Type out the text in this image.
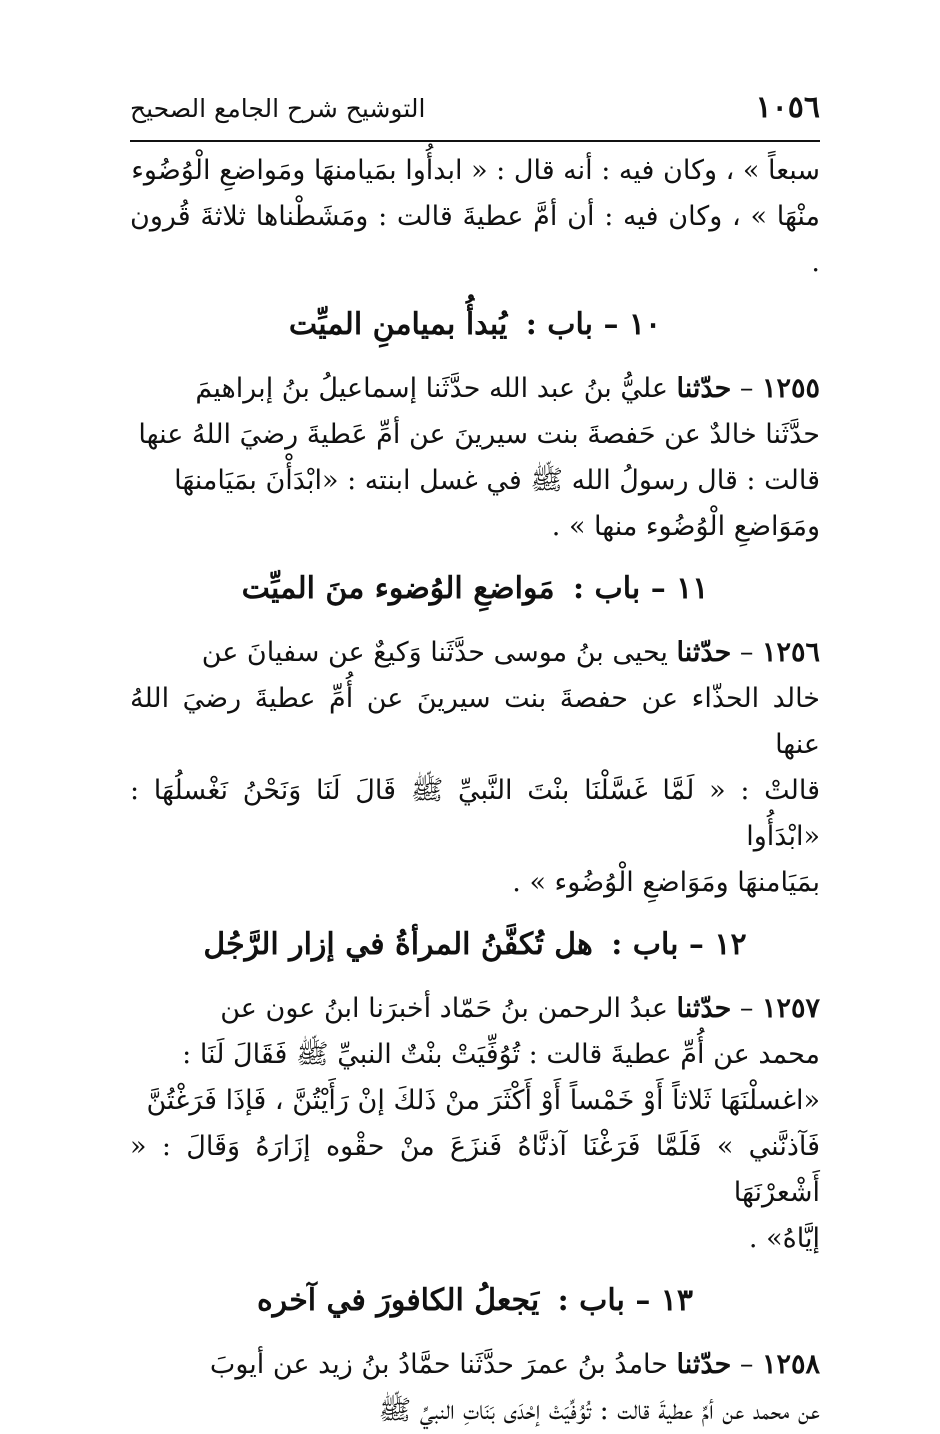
١٠٥٦
التوشيح شرح الجامع الصحيح
سبعاً » ، وكان فيه : أنه قال : « ابدأُوا بمَيامنهَا ومَواضعِ الْوُضُوء
منْهَا » ، وكان فيه : أن أمَّ عطيةَ قالت : ومَشَطْناها ثلاثةَ قُرون .
١٠ – باب : يُبدأُ بميامنِ الميِّت
١٢٥٥ – حدّثنا عليُّ بنُ عبد الله حدَّثَنا إسماعيلُ بنُ إبراهيمَ
حدَّثَنا خالدٌ عن حَفصةَ بنت سيرينَ عن أمِّ عَطيةَ رضيَ اللهُ عنها
قالت : قال رسولُ الله ﷺ في غسل ابنته : «ابْدَأْنَ بمَيَامنهَا
ومَوَاضعِ الْوُضُوء منها » .
١١ – باب : مَواضعِ الوُضوء منَ الميِّت
١٢٥٦ – حدّثنا يحيى بنُ موسى حدَّثَنا وَكيعٌ عن سفيانَ عن
خالد الحذّاء عن حفصةَ بنت سيرينَ عن أُمِّ عطيةَ رضيَ اللهُ عنها
قالتْ : « لَمَّا غَسَّلْنَا بنْتَ النَّبيِّ ﷺ قَالَ لَنَا وَنَحْنُ نَغْسلُهَا : «ابْدَأُوا
بمَيَامنهَا ومَوَاضعِ الْوُضُوء » .
١٢ – باب : هل تُكفَّنُ المرأةُ في إزار الرَّجُل
١٢٥٧ – حدّثنا عبدُ الرحمن بنُ حَمّاد أخبرَنا ابنُ عون عن
محمد عن أُمِّ عطيةَ قالت : تُوُفِّيَتْ بنْتٌ النبيِّ ﷺ فَقَالَ لَنَا :
«اغسلْنَهَا ثَلاثاً أَوْ خَمْساً أَوْ أَكْثَرَ منْ ذَلكَ إنْ رَأَيْتُنَّ ، فَإذَا فَرَغْتُنَّ
فَآذنَّني » فَلَمَّا فَرَغْنَا آذنَّاهُ فَنزَعَ منْ حقْوه إزَارَهُ وَقَالَ : « أَشْعرْنَهَا
إيَّاهُ» .
١٣ – باب : يَجعلُ الكافورَ في آخره
١٢٥٨ – حدّثنا حامدُ بنُ عمرَ حدَّثَنا حمَّادُ بنُ زيد عن أيوبَ
عن محمد عن أمِّ عطيةَ قالت : تُوُفِّيَتْ إحْدَى بَنَاتِ النبيِّ ﷺ
